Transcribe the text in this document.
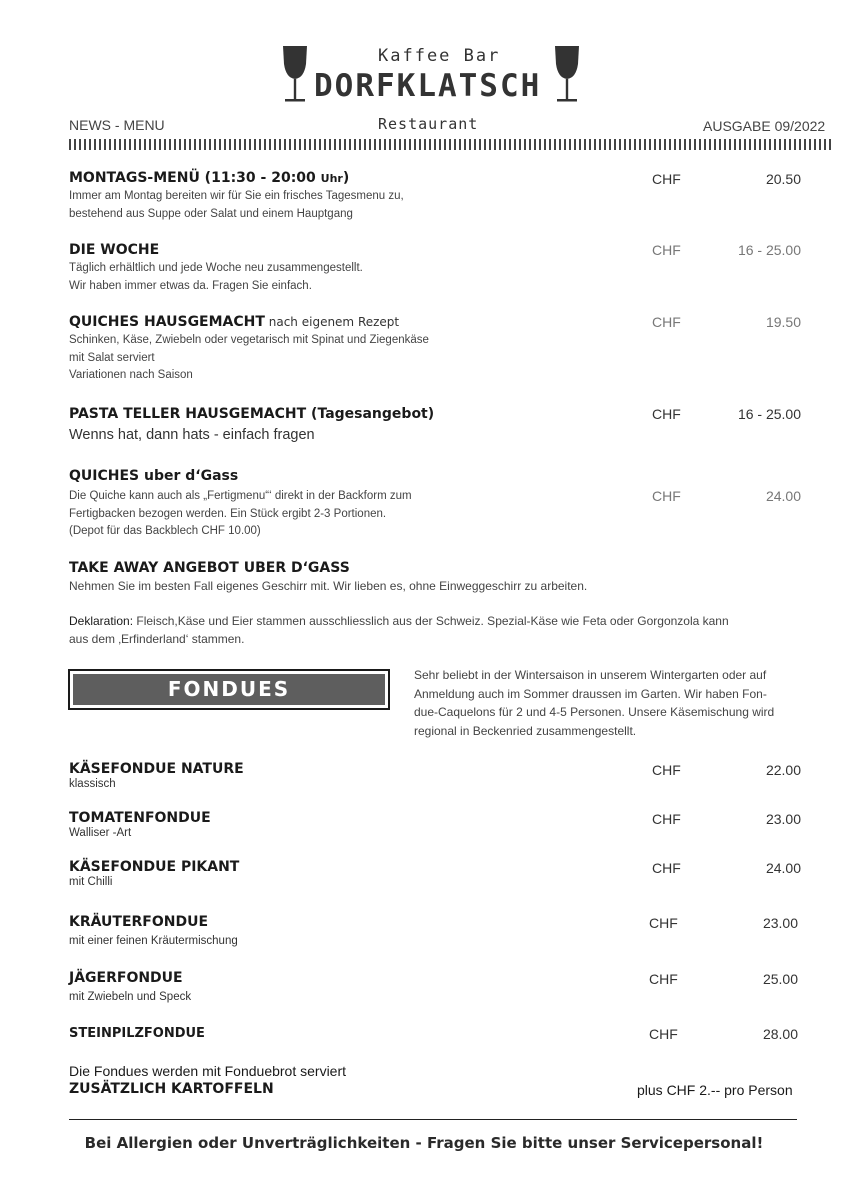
Kaffee Bar
DORFKLATSCH
Restaurant
NEWS - MENU	AUSGABE 09/2022
MONTAGS-MENÜ (11:30 - 20:00 Uhr)
Immer am Montag bereiten wir für Sie ein frisches Tagesmenu zu,
bestehend aus Suppe oder Salat und einem Hauptgang
CHF	20.50
DIE WOCHE
Täglich erhältlich und jede Woche neu zusammengestellt.
Wir haben immer etwas da. Fragen Sie einfach.
CHF	16 - 25.00
QUICHES HAUSGEMACHT nach eigenem Rezept
Schinken, Käse, Zwiebeln oder vegetarisch mit Spinat und Ziegenkäse
mit Salat serviert
Variationen nach Saison
CHF	19.50
PASTA TELLER HAUSGEMACHT (Tagesangebot)
Wenns hat, dann hats - einfach fragen
CHF	16 - 25.00
QUICHES uber d‘Gass
Die Quiche kann auch als „Fertigmenu“‘ direkt in der Backform zum
Fertigbacken bezogen werden. Ein Stück ergibt 2-3 Portionen.
(Depot für das Backblech CHF 10.00)
CHF	24.00
TAKE AWAY ANGEBOT UBER D‘GASS
Nehmen Sie im besten Fall eigenes Geschirr mit. Wir lieben es, ohne Einweggeschirr zu arbeiten.
Deklaration: Fleisch,Käse und Eier stammen ausschliesslich aus der Schweiz. Spezial-Käse wie Feta oder Gorgonzola kann
aus dem ‚Erfinderland‘ stammen.
FONDUES
Sehr beliebt in der Wintersaison in unserem Wintergarten oder auf
Anmeldung auch im Sommer draussen im Garten. Wir haben Fon-
due-Caquelons für 2 und 4-5 Personen. Unsere Käsemischung wird
regional in Beckenried zusammengestellt.
KÄSEFONDUE NATURE
klassisch
CHF	22.00
TOMATENFONDUE
Walliser -Art
CHF	23.00
KÄSEFONDUE PIKANT
mit Chilli
CHF	24.00
KRÄUTERFONDUE
mit einer feinen Kräutermischung
CHF	23.00
JÄGERFONDUE
mit Zwiebeln und Speck
CHF	25.00
STEINPILZFONDUE	CHF	28.00
Die Fondues werden mit Fonduebrot serviert
ZUSÄTZLICH KARTOFFELN	plus CHF 2.-- pro Person
Bei Allergien oder Unverträglichkeiten - Fragen Sie bitte unser Servicepersonal!
